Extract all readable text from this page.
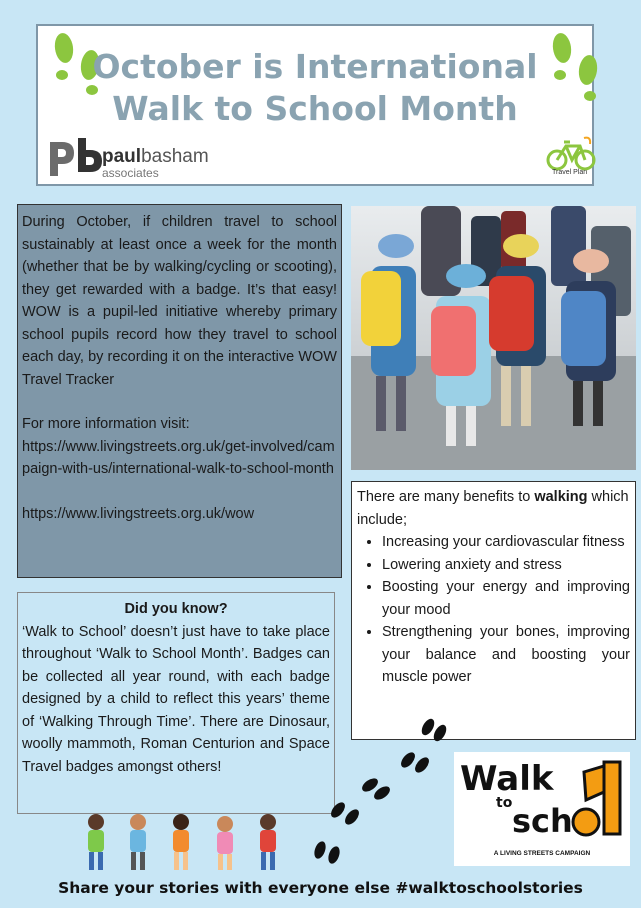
October is International
Walk to School Month
paulbasham
associates	Travel Plan

During October, if children travel to school sustainably at least once a week for the month (whether that be by walking/cycling or scooting), they get rewarded with a badge. It’s that easy! WOW is a pupil-led initiative whereby primary school pupils record how they travel to school each day, by recording it on the interactive WOW Travel Tracker

For more information visit:

https://www.livingstreets.org.uk/get-involved/campaign-with-us/international-walk-to-school-month

https://www.livingstreets.org.uk/wow

There are many benefits to walking which include;
• Increasing your cardiovascular fitness
• Lowering anxiety and stress
• Boosting your energy and improving your mood
• Strengthening your bones, improving your balance and boosting your muscle power

Did you know?

‘Walk to School’ doesn’t just have to take place throughout ‘Walk to School Month’. Badges can be collected all year round, with each badge designed by a child to reflect this years’ theme of ‘Walking Through Time’. There are Dinosaur, woolly mammoth, Roman Centurion and Space Travel badges amongst others!	Walk
to sch
A LIVING STREETS CAMPAIGN
Share your stories with everyone else #walktoschoolstories
